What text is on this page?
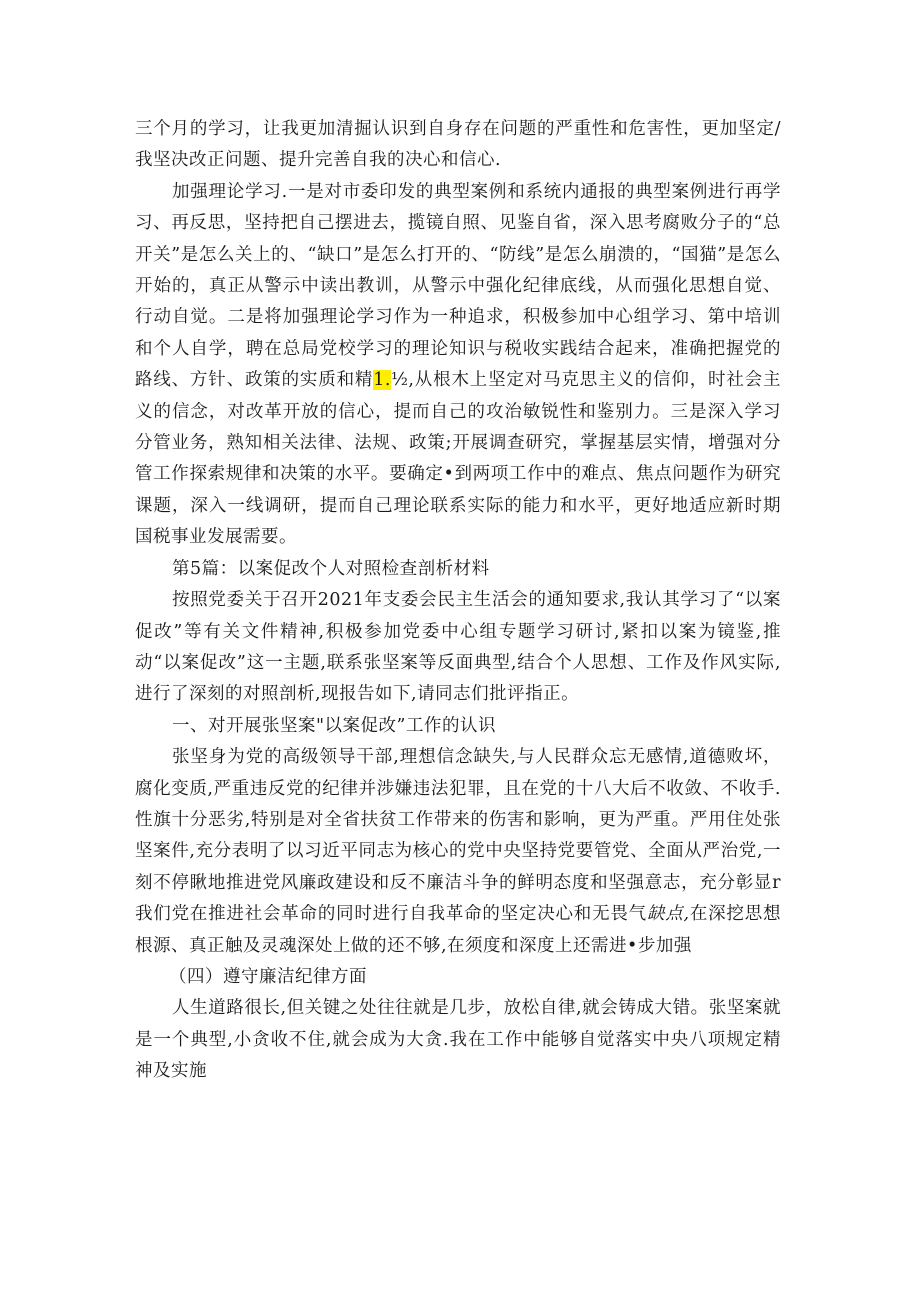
三个月的学习，让我更加清掘认识到自身存在问题的严重性和危害性，更加坚定/我坚决改正问题、提升完善自我的决心和信心.

加强理论学习.一是对市委印发的典型案例和系统内通报的典型案例进行再学习、再反思，坚持把自己摆进去，揽镜自照、见鉴自省，深入思考腐败分子的“总开关”是怎么关上的、“缺口”是怎么打开的、“防线”是怎么崩溃的，“国猫”是怎么开始的，真正从警示中读出教训，从警示中强化纪律底线，从而强化思想自觉、行动自觉。二是将加强理论学习作为一种追求，积极参加中心组学习、第中培训和个人自学，聘在总局党校学习的理论知识与税收实践结合起来，准确把握党的路线、方针、政策的实质和精1.½,从根木上坚定对马克思主义的信仰，时社会主义的信念，对改革开放的信心，提而自己的攻治敏锐性和鉴别力。三是深入学习分管业务，熟知相关法律、法规、政策;开展调查研究，掌握基层实情，增强对分管工作探索规律和决策的水平。要确定•到两项工作中的难点、焦点问题作为研究课题，深入一线调研，提而自己理论联系实际的能力和水平，更好地适应新时期国税事业发展需要。

第5篇：以案促改个人对照检查剖析材料

按照党委关于召开2021年支委会民主生活会的通知要求,我认其学习了“以案促改”等有关文件精神,积极参加党委中心组专题学习研讨,紧扣以案为镜鉴,推动“以案促改”这一主题,联系张坚案等反面典型,结合个人思想、工作及作风实际,进行了深刻的对照剖析,现报告如下,请同志们批评指正。

一、对开展张坚案"以案促改”工作的认识

张坚身为党的高级领导干部,理想信念缺失,与人民群众忘无感情,道德败坏，腐化变质,严重违反党的纪律并涉嫌违法犯罪，且在党的十八大后不收敛、不收手.性旗十分恶劣,特别是对全省扶贫工作带来的伤害和影响，更为严重。严用住处张坚案件,充分表明了以习近平同志为核心的党中央坚持党要管党、全面从严治党,一刻不停瞅地推进党风廉政建设和反不廉洁斗争的鲜明态度和坚强意志，充分彰显r我们党在推进社会革命的同时进行自我革命的坚定决心和无畏气缺点,在深挖思想根源、真正触及灵魂深处上做的还不够,在须度和深度上还需进•步加强

（四）遵守廉洁纪律方面

人生道路很长,但关键之处往往就是几步，放松自律,就会铸成大错。张坚案就是一个典型,小贪收不住,就会成为大贪.我在工作中能够自觉落实中央八项规定精神及实施
